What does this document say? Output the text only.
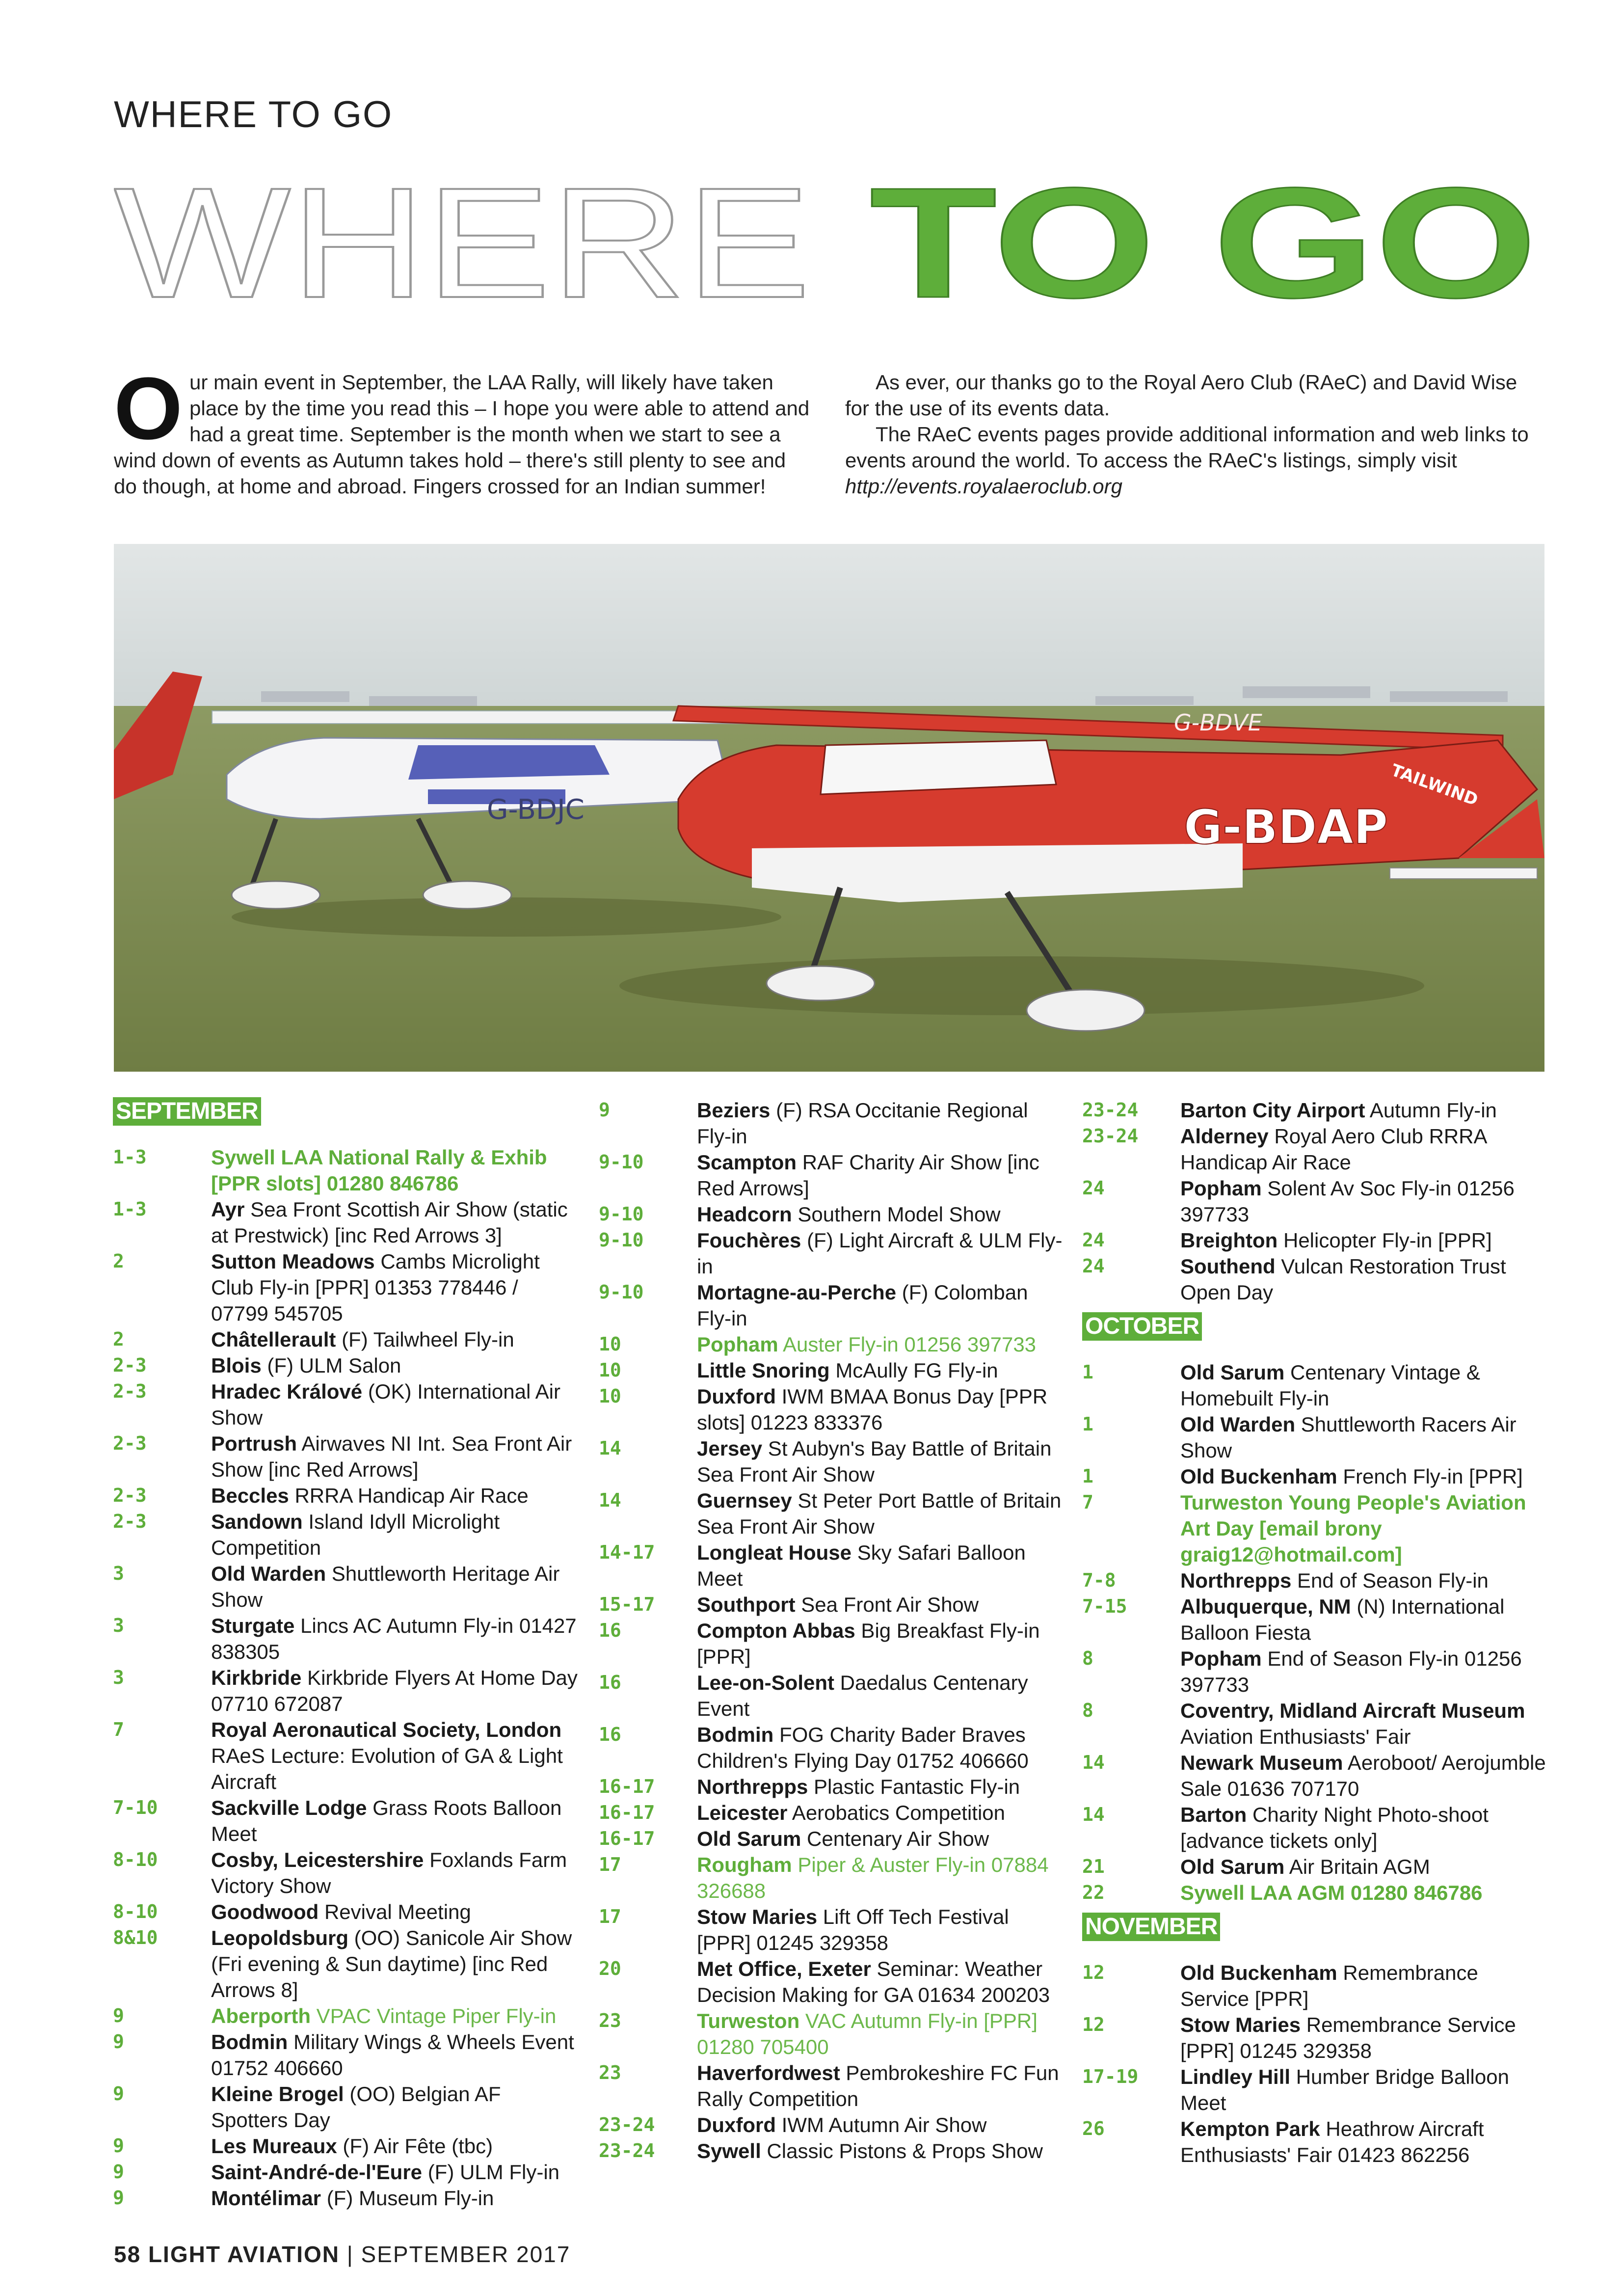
WHERE TO GO
WHERE TO GO
O ur main event in September, the LAA Rally, will likely have taken place by the time you read this – I hope you were able to attend and had a great time. September is the month when we start to see a wind down of events as Autumn takes hold – there's still plenty to see and do though, at home and abroad. Fingers crossed for an Indian summer!

As ever, our thanks go to the Royal Aero Club (RAeC) and David Wise for the use of its events data.

The RAeC events pages provide additional information and web links to events around the world. To access the RAeC's listings, simply visit http://events.royalaeroclub.org

G-BDJC
G-BDVE
G-BDAP
TAILWIND
SEPTEMBER
1-3	Sywell LAA National Rally & Exhib [PPR slots] 01280 846786
1-3	Ayr Sea Front Scottish Air Show (static at Prestwick) [inc Red Arrows 3]
2	Sutton Meadows Cambs Microlight Club Fly-in [PPR] 01353 778446 / 07799 545705
2	Châtellerault (F) Tailwheel Fly-in
2-3	Blois (F) ULM Salon
2-3	Hradec Králové (OK) International Air Show
2-3	Portrush Airwaves NI Int. Sea Front Air Show [inc Red Arrows]
2-3	Beccles RRRA Handicap Air Race
2-3	Sandown Island Idyll Microlight Competition
3	Old Warden Shuttleworth Heritage Air Show
3	Sturgate Lincs AC Autumn Fly-in 01427 838305
3	Kirkbride Kirkbride Flyers At Home Day 07710 672087
7	Royal Aeronautical Society, London RAeS Lecture: Evolution of GA & Light Aircraft
7-10	Sackville Lodge Grass Roots Balloon Meet
8-10	Cosby, Leicestershire Foxlands Farm Victory Show
8-10	Goodwood Revival Meeting
8&10	Leopoldsburg (OO) Sanicole Air Show (Fri evening & Sun daytime) [inc Red Arrows 8]
9	Aberporth VPAC Vintage Piper Fly-in
9	Bodmin Military Wings & Wheels Event 01752 406660
9	Kleine Brogel (OO) Belgian AF Spotters Day
9	Les Mureaux (F) Air Fête (tbc)
9	Saint-André-de-l'Eure (F) ULM Fly-in
9	Montélimar (F) Museum Fly-in
9	Beziers (F) RSA Occitanie Regional Fly-in
9-10	Scampton RAF Charity Air Show [inc Red Arrows]
9-10	Headcorn Southern Model Show
9-10	Fouchères (F) Light Aircraft & ULM Fly-in
9-10	Mortagne-au-Perche (F) Colomban Fly-in
10	Popham Auster Fly-in 01256 397733
10	Little Snoring McAully FG Fly-in
10	Duxford IWM BMAA Bonus Day [PPR slots] 01223 833376
14	Jersey St Aubyn's Bay Battle of Britain Sea Front Air Show
14	Guernsey St Peter Port Battle of Britain Sea Front Air Show
14-17	Longleat House Sky Safari Balloon Meet
15-17	Southport Sea Front Air Show
16	Compton Abbas Big Breakfast Fly-in [PPR]
16	Lee-on-Solent Daedalus Centenary Event
16	Bodmin FOG Charity Bader Braves Children's Flying Day 01752 406660
16-17	Northrepps Plastic Fantastic Fly-in
16-17	Leicester Aerobatics Competition
16-17	Old Sarum Centenary Air Show
17	Rougham Piper & Auster Fly-in 07884 326688
17	Stow Maries Lift Off Tech Festival [PPR] 01245 329358
20	Met Office, Exeter Seminar: Weather Decision Making for GA 01634 200203
23	Turweston VAC Autumn Fly-in [PPR] 01280 705400
23	Haverfordwest Pembrokeshire FC Fun Rally Competition
23-24	Duxford IWM Autumn Air Show
23-24	Sywell Classic Pistons & Props Show
23-24	Barton City Airport Autumn Fly-in
23-24	Alderney Royal Aero Club RRRA Handicap Air Race
24	Popham Solent Av Soc Fly-in 01256 397733
24	Breighton Helicopter Fly-in [PPR]
24	Southend Vulcan Restoration Trust Open Day
OCTOBER
1	Old Sarum Centenary Vintage & Homebuilt Fly-in
1	Old Warden Shuttleworth Racers Air Show
1	Old Buckenham French Fly-in [PPR]
7	Turweston Young People's Aviation Art Day [email brony graig12@hotmail.com]
7-8	Northrepps End of Season Fly-in
7-15	Albuquerque, NM (N) International Balloon Fiesta
8	Popham End of Season Fly-in 01256 397733
8	Coventry, Midland Aircraft Museum Aviation Enthusiasts' Fair
14	Newark Museum Aeroboot/ Aerojumble Sale 01636 707170
14	Barton Charity Night Photo-shoot [advance tickets only]
21	Old Sarum Air Britain AGM
22	Sywell LAA AGM 01280 846786
NOVEMBER
12	Old Buckenham Remembrance Service [PPR]
12	Stow Maries Remembrance Service [PPR] 01245 329358
17-19	Lindley Hill Humber Bridge Balloon Meet
26	Kempton Park Heathrow Aircraft Enthusiasts' Fair 01423 862256
58 LIGHT AVIATION | SEPTEMBER 2017
